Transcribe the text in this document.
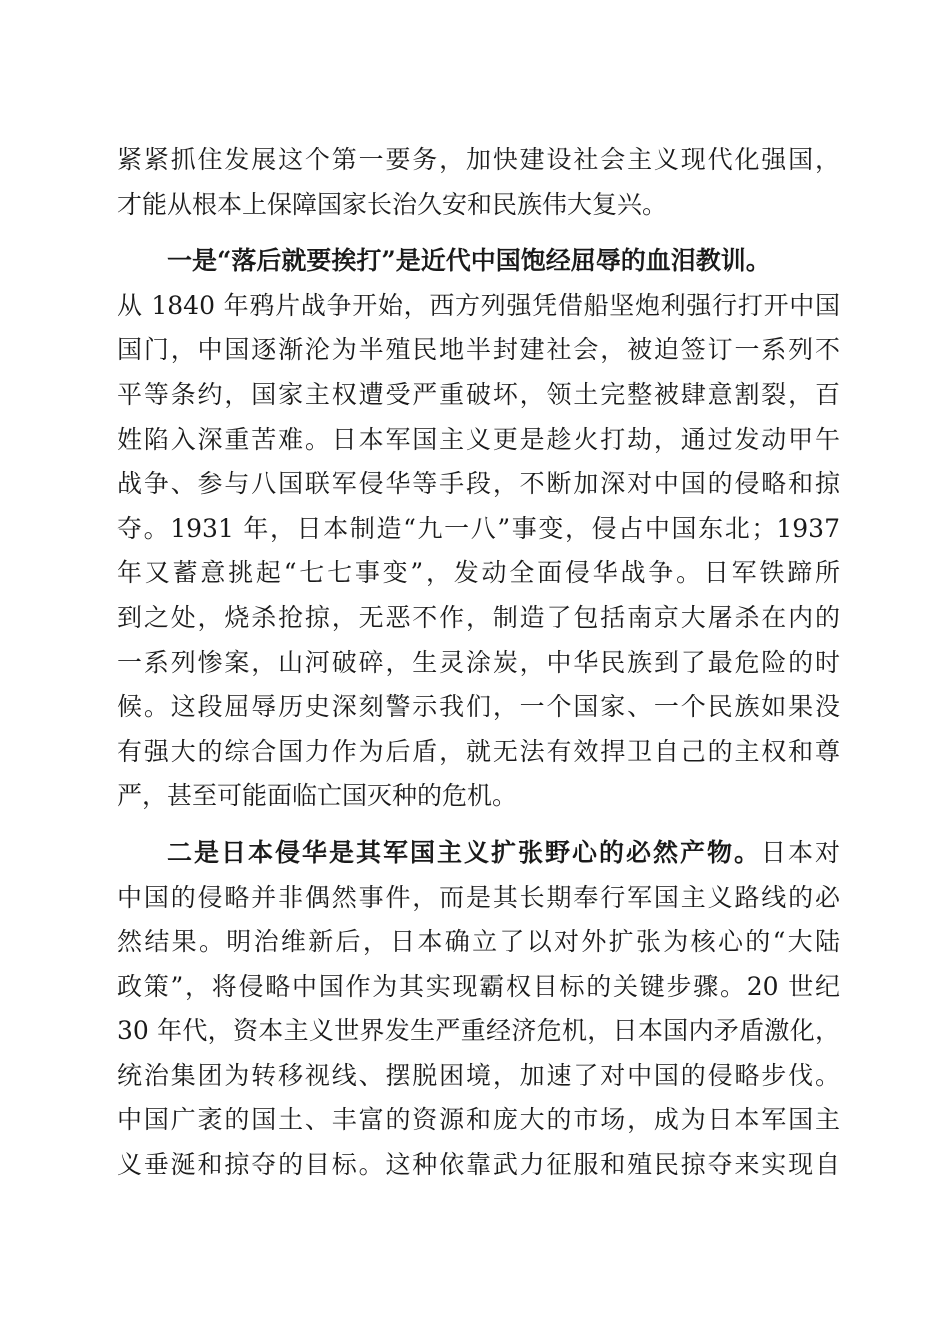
紧紧抓住发展这个第一要务，加快建设社会主义现代化强国，
才能从根本上保障国家长治久安和民族伟大复兴。
一是“落后就要挨打”是近代中国饱经屈辱的血泪教训。
从 1840 年鸦片战争开始，西方列强凭借船坚炮利强行打开中国
国门，中国逐渐沦为半殖民地半封建社会，被迫签订一系列不
平等条约，国家主权遭受严重破坏，领土完整被肆意割裂，百
姓陷入深重苦难。日本军国主义更是趁火打劫，通过发动甲午
战争、参与八国联军侵华等手段，不断加深对中国的侵略和掠
夺。1931 年，日本制造“九一八”事变，侵占中国东北；1937
年又蓄意挑起“七七事变”，发动全面侵华战争。日军铁蹄所
到之处，烧杀抢掠，无恶不作，制造了包括南京大屠杀在内的
一系列惨案，山河破碎，生灵涂炭，中华民族到了最危险的时
候。这段屈辱历史深刻警示我们，一个国家、一个民族如果没
有强大的综合国力作为后盾，就无法有效捍卫自己的主权和尊
严，甚至可能面临亡国灭种的危机。
二是日本侵华是其军国主义扩张野心的必然产物。日本对
中国的侵略并非偶然事件，而是其长期奉行军国主义路线的必
然结果。明治维新后，日本确立了以对外扩张为核心的“大陆
政策”，将侵略中国作为其实现霸权目标的关键步骤。20 世纪
30 年代，资本主义世界发生严重经济危机，日本国内矛盾激化，
统治集团为转移视线、摆脱困境，加速了对中国的侵略步伐。
中国广袤的国土、丰富的资源和庞大的市场，成为日本军国主
义垂涎和掠夺的目标。这种依靠武力征服和殖民掠夺来实现自
